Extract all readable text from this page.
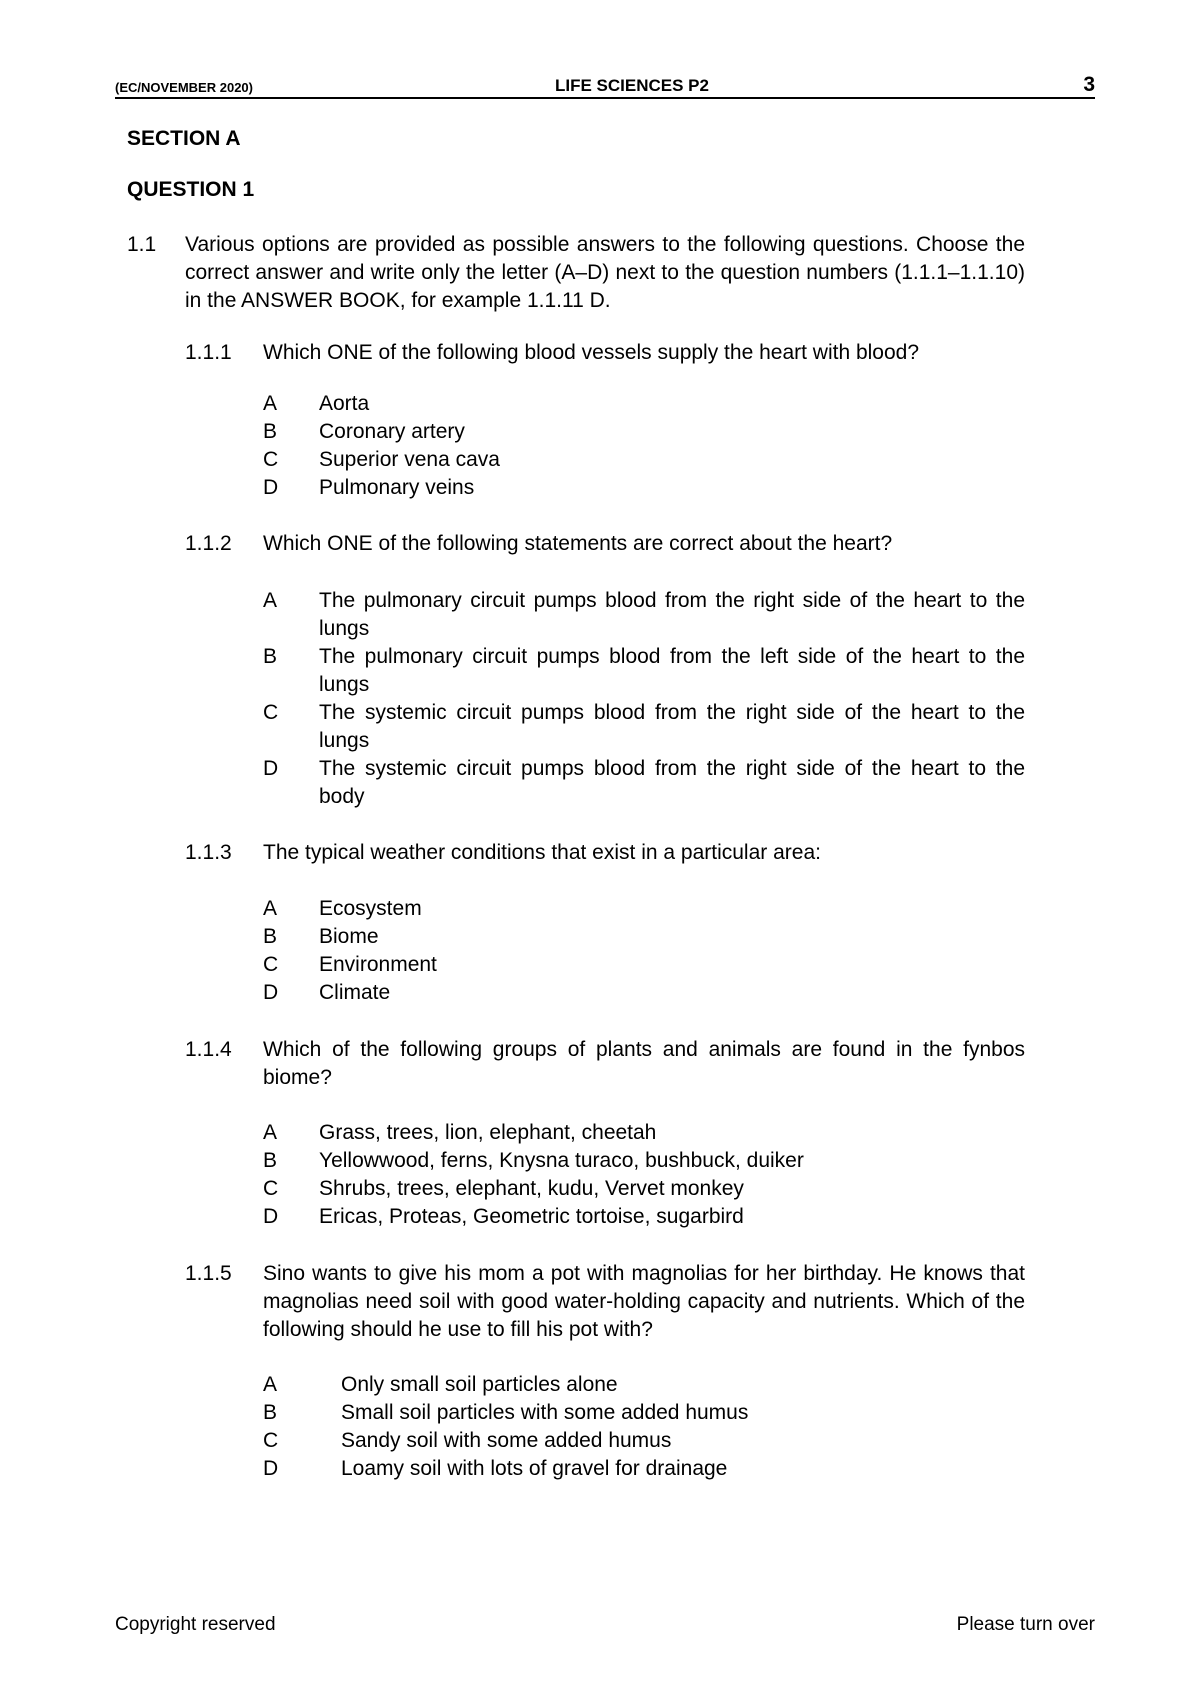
(EC/NOVEMBER 2020)	LIFE SCIENCES P2	3
SECTION A
QUESTION 1
1.1 Various options are provided as possible answers to the following questions. Choose the correct answer and write only the letter (A–D) next to the question numbers (1.1.1–1.1.10) in the ANSWER BOOK, for example 1.1.11 D.
1.1.1 Which ONE of the following blood vessels supply the heart with blood?
A Aorta
B Coronary artery
C Superior vena cava
D Pulmonary veins
1.1.2 Which ONE of the following statements are correct about the heart?
A The pulmonary circuit pumps blood from the right side of the heart to the lungs
B The pulmonary circuit pumps blood from the left side of the heart to the lungs
C The systemic circuit pumps blood from the right side of the heart to the lungs
D The systemic circuit pumps blood from the right side of the heart to the body
1.1.3 The typical weather conditions that exist in a particular area:
A Ecosystem
B Biome
C Environment
D Climate
1.1.4 Which of the following groups of plants and animals are found in the fynbos biome?
A Grass, trees, lion, elephant, cheetah
B Yellowwood, ferns, Knysna turaco, bushbuck, duiker
C Shrubs, trees, elephant, kudu, Vervet monkey
D Ericas, Proteas, Geometric tortoise, sugarbird
1.1.5 Sino wants to give his mom a pot with magnolias for her birthday. He knows that magnolias need soil with good water-holding capacity and nutrients. Which of the following should he use to fill his pot with?
A	Only small soil particles alone
B	Small soil particles with some added humus
C	Sandy soil with some added humus
D	Loamy soil with lots of gravel for drainage
Copyright reserved	Please turn over
